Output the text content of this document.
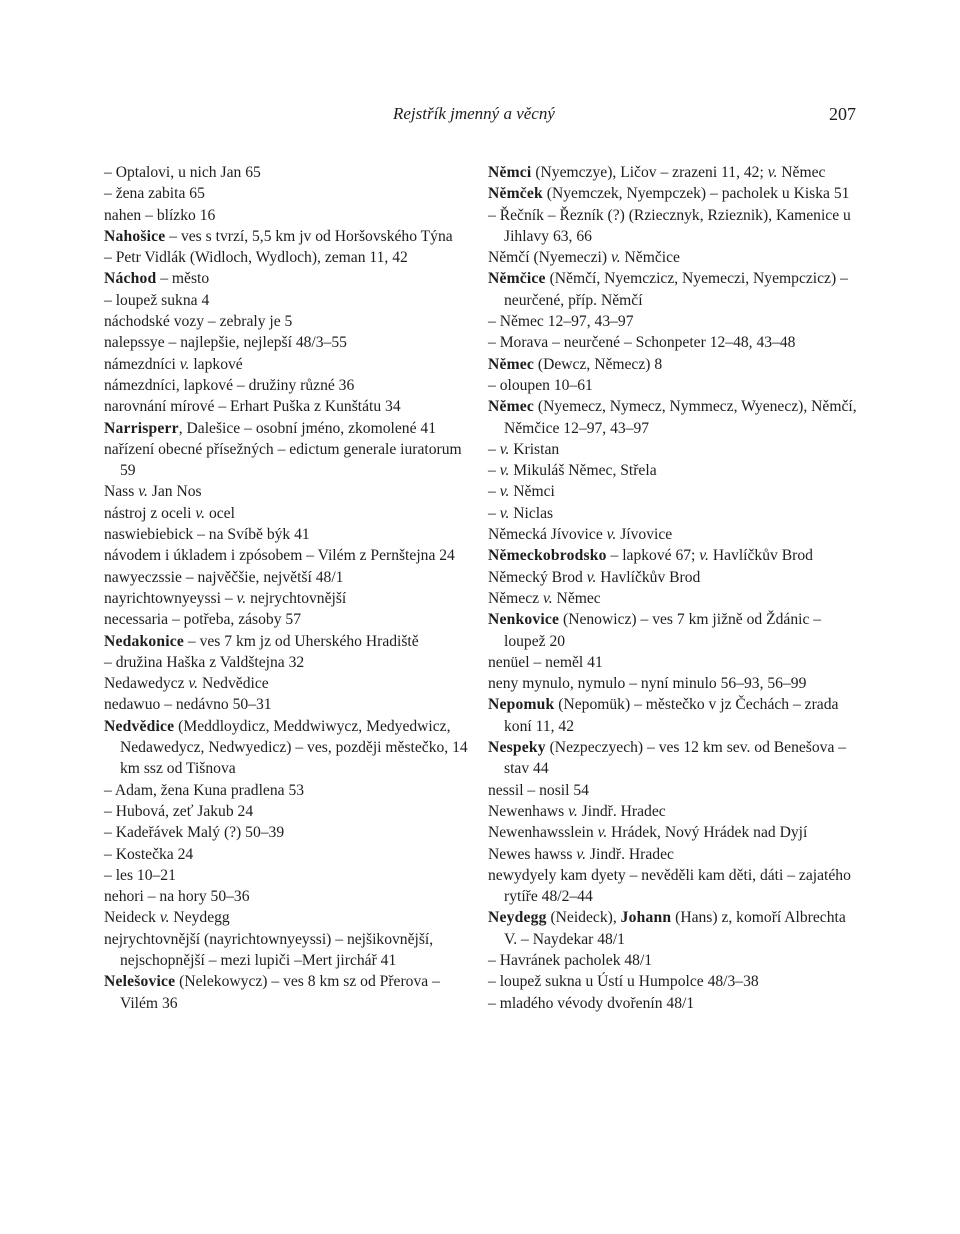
Rejstřík jmenný a věcný	207

– Optalovi, u nich Jan 65

– žena zabita 65

nahen – blízko 16

Nahošice – ves s tvrzí, 5,5 km jv od Horšovského Týna

– Petr Vidlák (Widloch, Wydloch), zeman 11, 42

Náchod – město

– loupež sukna 4

náchodské vozy – zebraly je 5

nalepssye – najlepšie, nejlepší 48/3–55

námezdníci v. lapkové

námezdníci, lapkové – družiny různé 36

narovnání mírové – Erhart Puška z Kunštátu 34

Narrisperr, Dalešice – osobní jméno, zkomolené 41

nařízení obecné přísežných – edictum generale iuratorum 59

Nass v. Jan Nos

nástroj z oceli v. ocel

naswiebiebick – na Svíbě býk 41

návodem i úkladem i zpósobem – Vilém z Pernštejna 24

nawyeczssie – najvěčšie, největší 48/1

nayrichtownyeyssi – v. nejrychtovnější

necessaria – potřeba, zásoby 57

Nedakonice – ves 7 km jz od Uherského Hradiště

– družina Haška z Valdštejna 32

Nedawedycz v. Nedvědice

nedawuo – nedávno 50–31

Nedvědice (Meddloydicz, Meddwiwycz, Medyedwicz, Nedawedycz, Nedwyedicz) – ves, později městečko, 14 km ssz od Tišnova

– Adam, žena Kuna pradlena 53

– Hubová, zeť Jakub 24

– Kadeřávek Malý (?) 50–39

– Kostečka 24

– les 10–21

nehori – na hory 50–36

Neideck v. Neydegg

nejrychtovnější (nayrichtownyeyssi) – nejšikovnější, nejschopnější – mezi lupiči –Mert jirchář 41

Nelešovice (Nelekowycz) – ves 8 km sz od Přerova – Vilém 36

Němci (Nyemczye), Ličov – zrazeni 11, 42; v. Němec

Němček (Nyemczek, Nyempczek) – pacholek u Kiska 51

– Řečník – Řezník (?) (Rziecznyk, Rzieznik), Kamenice u Jihlavy 63, 66

Němčí (Nyemeczi) v. Němčice

Němčice (Němčí, Nyemczicz, Nyemeczi, Nyempczicz) – neurčené, příp. Němčí

– Němec 12–97, 43–97

– Morava – neurčené – Schonpeter 12–48, 43–48

Němec (Dewcz, Němecz) 8

– oloupen 10–61

Němec (Nyemecz, Nymecz, Nymmecz, Wyenecz), Němčí, Němčice 12–97, 43–97

– v. Kristan

– v. Mikuláš Němec, Střela

– v. Němci

– v. Niclas

Německá Jívovice v. Jívovice

Německobrodsko – lapkové 67; v. Havlíčkův Brod

Německý Brod v. Havlíčkův Brod

Němecz v. Němec

Nenkovice (Nenowicz) – ves 7 km jižně od Ždánic – loupež 20

nenüel – neměl 41

neny mynulo, nymulo – nyní minulo 56–93, 56–99

Nepomuk (Nepomük) – městečko v jz Čechách – zrada koní 11, 42

Nespeky (Nezpeczyech) – ves 12 km sev. od Benešova – stav 44

nessil – nosil 54

Newenhaws v. Jindř. Hradec

Newenhawsslein v. Hrádek, Nový Hrádek nad Dyjí

Newes hawss v. Jindř. Hradec

newydyely kam dyety – nevěděli kam děti, dáti – zajatého rytíře 48/2–44

Neydegg (Neideck), Johann (Hans) z, komoří Albrechta V. – Naydekar 48/1

– Havránek pacholek 48/1

– loupež sukna u Ústí u Humpolce 48/3–38

– mladého vévody dvořenín 48/1
